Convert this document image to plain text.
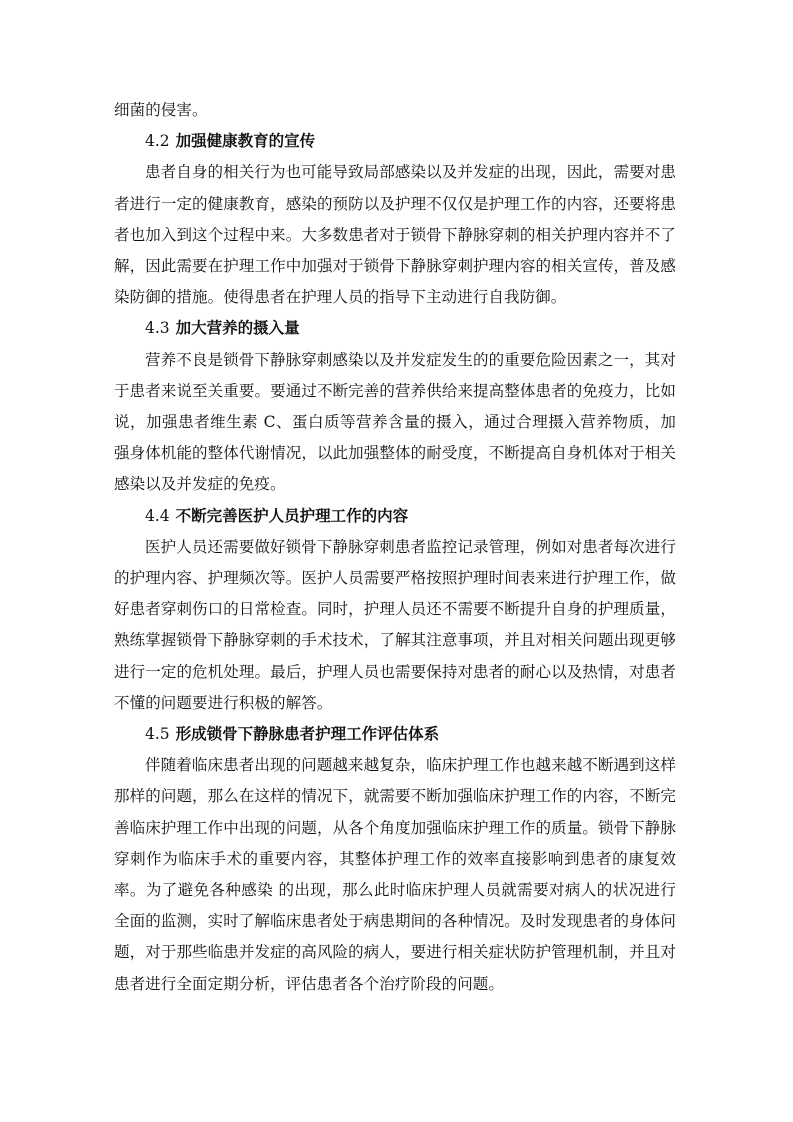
细菌的侵害。

4.2 加强健康教育的宣传

患者自身的相关行为也可能导致局部感染以及并发症的出现，因此，需要对患者进行一定的健康教育，感染的预防以及护理不仅仅是护理工作的内容，还要将患者也加入到这个过程中来。大多数患者对于锁骨下静脉穿刺的相关护理内容并不了解，因此需要在护理工作中加强对于锁骨下静脉穿刺护理内容的相关宣传，普及感染防御的措施。使得患者在护理人员的指导下主动进行自我防御。

4.3 加大营养的摄入量

营养不良是锁骨下静脉穿刺感染以及并发症发生的的重要危险因素之一，其对于患者来说至关重要。要通过不断完善的营养供给来提高整体患者的免疫力，比如说，加强患者维生素 C、蛋白质等营养含量的摄入，通过合理摄入营养物质，加强身体机能的整体代谢情况，以此加强整体的耐受度，不断提高自身机体对于相关感染以及并发症的免疫。

4.4 不断完善医护人员护理工作的内容

医护人员还需要做好锁骨下静脉穿刺患者监控记录管理，例如对患者每次进行的护理内容、护理频次等。医护人员需要严格按照护理时间表来进行护理工作，做好患者穿刺伤口的日常检查。同时，护理人员还不需要不断提升自身的护理质量，熟练掌握锁骨下静脉穿刺的手术技术，了解其注意事项，并且对相关问题出现更够进行一定的危机处理。最后，护理人员也需要保持对患者的耐心以及热情，对患者不懂的问题要进行积极的解答。

4.5 形成锁骨下静脉患者护理工作评估体系

伴随着临床患者出现的问题越来越复杂，临床护理工作也越来越不断遇到这样那样的问题，那么在这样的情况下，就需要不断加强临床护理工作的内容，不断完善临床护理工作中出现的问题，从各个角度加强临床护理工作的质量。锁骨下静脉穿刺作为临床手术的重要内容，其整体护理工作的效率直接影响到患者的康复效率。为了避免各种感染 的出现，那么此时临床护理人员就需要对病人的状况进行全面的监测，实时了解临床患者处于病患期间的各种情况。及时发现患者的身体问题，对于那些临患并发症的高风险的病人，要进行相关症状防护管理机制，并且对患者进行全面定期分析，评估患者各个治疗阶段的问题。
